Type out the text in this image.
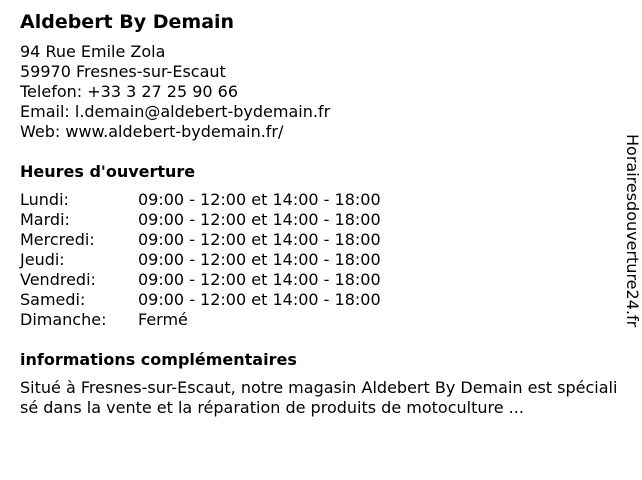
Aldebert By Demain
94 Rue Emile Zola
59970 Fresnes-sur-Escaut
Telefon: +33 3 27 25 90 66
Email: l.demain@aldebert-bydemain.fr
Web: www.aldebert-bydemain.fr/
Heures d'ouverture
Lundi:	09:00 - 12:00 et 14:00 - 18:00
Mardi:	09:00 - 12:00 et 14:00 - 18:00
Mercredi:	09:00 - 12:00 et 14:00 - 18:00
Jeudi:	09:00 - 12:00 et 14:00 - 18:00
Vendredi:	09:00 - 12:00 et 14:00 - 18:00
Samedi:	09:00 - 12:00 et 14:00 - 18:00
Dimanche:	Fermé
informations complémentaires
Situé à Fresnes-sur-Escaut, notre magasin Aldebert By Demain est spécialisé dans la vente et la réparation de produits de motoculture ...
Horairesdouverture24.fr
